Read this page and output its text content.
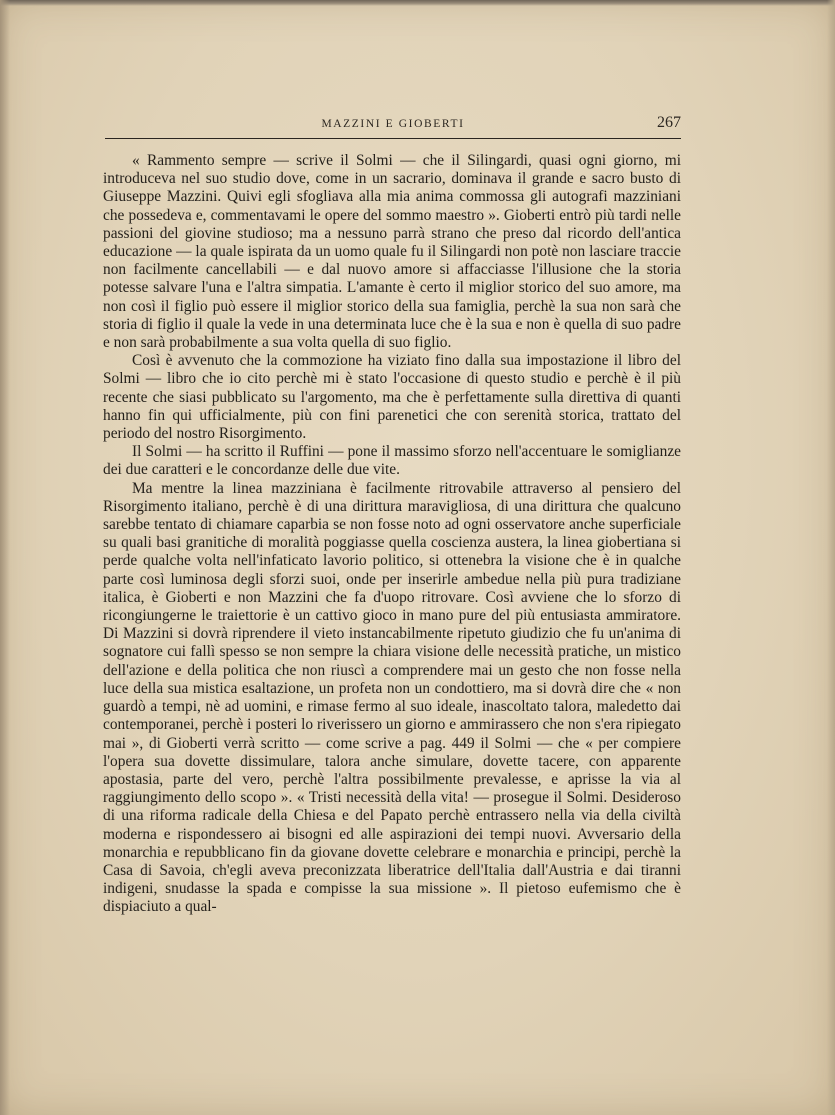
MAZZINI E GIOBERTI	267

« Rammento sempre — scrive il Solmi — che il Silingardi, quasi ogni giorno, mi introduceva nel suo studio dove, come in un sacrario, dominava il grande e sacro busto di Giuseppe Mazzini. Quivi egli sfogliava alla mia anima commossa gli autografi mazziniani che possedeva e, commentavami le opere del sommo maestro ». Gioberti entrò più tardi nelle passioni del giovine studioso; ma a nessuno parrà strano che preso dal ricordo dell'antica educazione — la quale ispirata da un uomo quale fu il Silingardi non potè non lasciare traccie non facilmente cancellabili — e dal nuovo amore si affacciasse l'illusione che la storia potesse salvare l'una e l'altra simpatia. L'amante è certo il miglior storico del suo amore, ma non così il figlio può essere il miglior storico della sua famiglia, perchè la sua non sarà che storia di figlio il quale la vede in una determinata luce che è la sua e non è quella di suo padre e non sarà probabilmente a sua volta quella di suo figlio.

Così è avvenuto che la commozione ha viziato fino dalla sua impostazione il libro del Solmi — libro che io cito perchè mi è stato l'occasione di questo studio e perchè è il più recente che siasi pubblicato su l'argomento, ma che è perfettamente sulla direttiva di quanti hanno fin qui ufficialmente, più con fini parenetici che con serenità storica, trattato del periodo del nostro Risorgimento.

Il Solmi — ha scritto il Ruffini — pone il massimo sforzo nell'accentuare le somiglianze dei due caratteri e le concordanze delle due vite.

Ma mentre la linea mazziniana è facilmente ritrovabile attraverso al pensiero del Risorgimento italiano, perchè è di una dirittura maravigliosa, di una dirittura che qualcuno sarebbe tentato di chiamare caparbia se non fosse noto ad ogni osservatore anche superficiale su quali basi granitiche di moralità poggiasse quella coscienza austera, la linea giobertiana si perde qualche volta nell'infaticato lavorio politico, si ottenebra la visione che è in qualche parte così luminosa degli sforzi suoi, onde per inserirle ambedue nella più pura tradiziane italica, è Gioberti e non Mazzini che fa d'uopo ritrovare. Così avviene che lo sforzo di ricongiungerne le traiettorie è un cattivo gioco in mano pure del più entusiasta ammiratore. Di Mazzini si dovrà riprendere il vieto instancabilmente ripetuto giudizio che fu un'anima di sognatore cui fallì spesso se non sempre la chiara visione delle necessità pratiche, un mistico dell'azione e della politica che non riuscì a comprendere mai un gesto che non fosse nella luce della sua mistica esaltazione, un profeta non un condottiero, ma si dovrà dire che « non guardò a tempi, nè ad uomini, e rimase fermo al suo ideale, inascoltato talora, maledetto dai contemporanei, perchè i posteri lo riverissero un giorno e ammirassero che non s'era ripiegato mai », di Gioberti verrà scritto — come scrive a pag. 449 il Solmi — che « per compiere l'opera sua dovette dissimulare, talora anche simulare, dovette tacere, con apparente apostasia, parte del vero, perchè l'altra possibilmente prevalesse, e aprisse la via al raggiungimento dello scopo ». « Tristi necessità della vita! — prosegue il Solmi. Desideroso di una riforma radicale della Chiesa e del Papato perchè entrassero nella via della civiltà moderna e rispondessero ai bisogni ed alle aspirazioni dei tempi nuovi. Avversario della monarchia e repubblicano fin da giovane dovette celebrare e monarchia e principi, perchè la Casa di Savoia, ch'egli aveva preconizzata liberatrice dell'Italia dall'Austria e dai tiranni indigeni, snudasse la spada e compisse la sua missione ». Il pietoso eufemismo che è dispiaciuto a qual-
